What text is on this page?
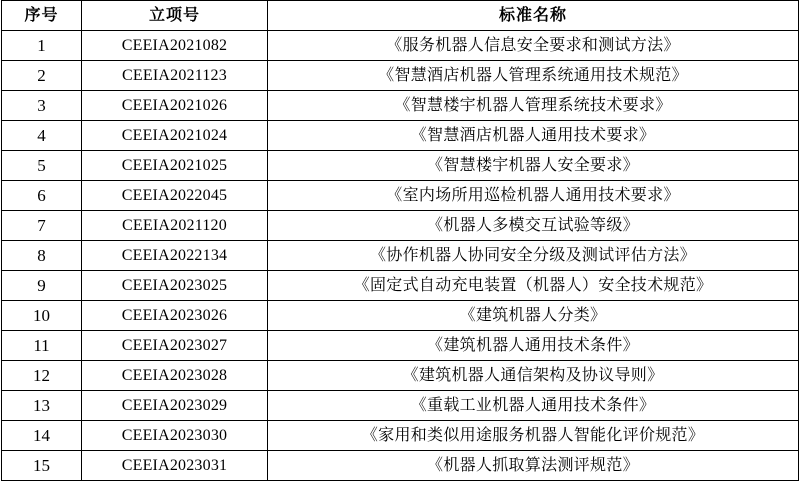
序号	立项号	标准名称
1	CEEIA2021082	《服务机器人信息安全要求和测试方法》
2	CEEIA2021123	《智慧酒店机器人管理系统通用技术规范》
3	CEEIA2021026	《智慧楼宇机器人管理系统技术要求》
4	CEEIA2021024	《智慧酒店机器人通用技术要求》
5	CEEIA2021025	《智慧楼宇机器人安全要求》
6	CEEIA2022045	《室内场所用巡检机器人通用技术要求》
7	CEEIA2021120	《机器人多模交互试验等级》
8	CEEIA2022134	《协作机器人协同安全分级及测试评估方法》
9	CEEIA2023025	《固定式自动充电装置（机器人）安全技术规范》
10	CEEIA2023026	《建筑机器人分类》
11	CEEIA2023027	《建筑机器人通用技术条件》
12	CEEIA2023028	《建筑机器人通信架构及协议导则》
13	CEEIA2023029	《重载工业机器人通用技术条件》
14	CEEIA2023030	《家用和类似用途服务机器人智能化评价规范》
15	CEEIA2023031	《机器人抓取算法测评规范》
